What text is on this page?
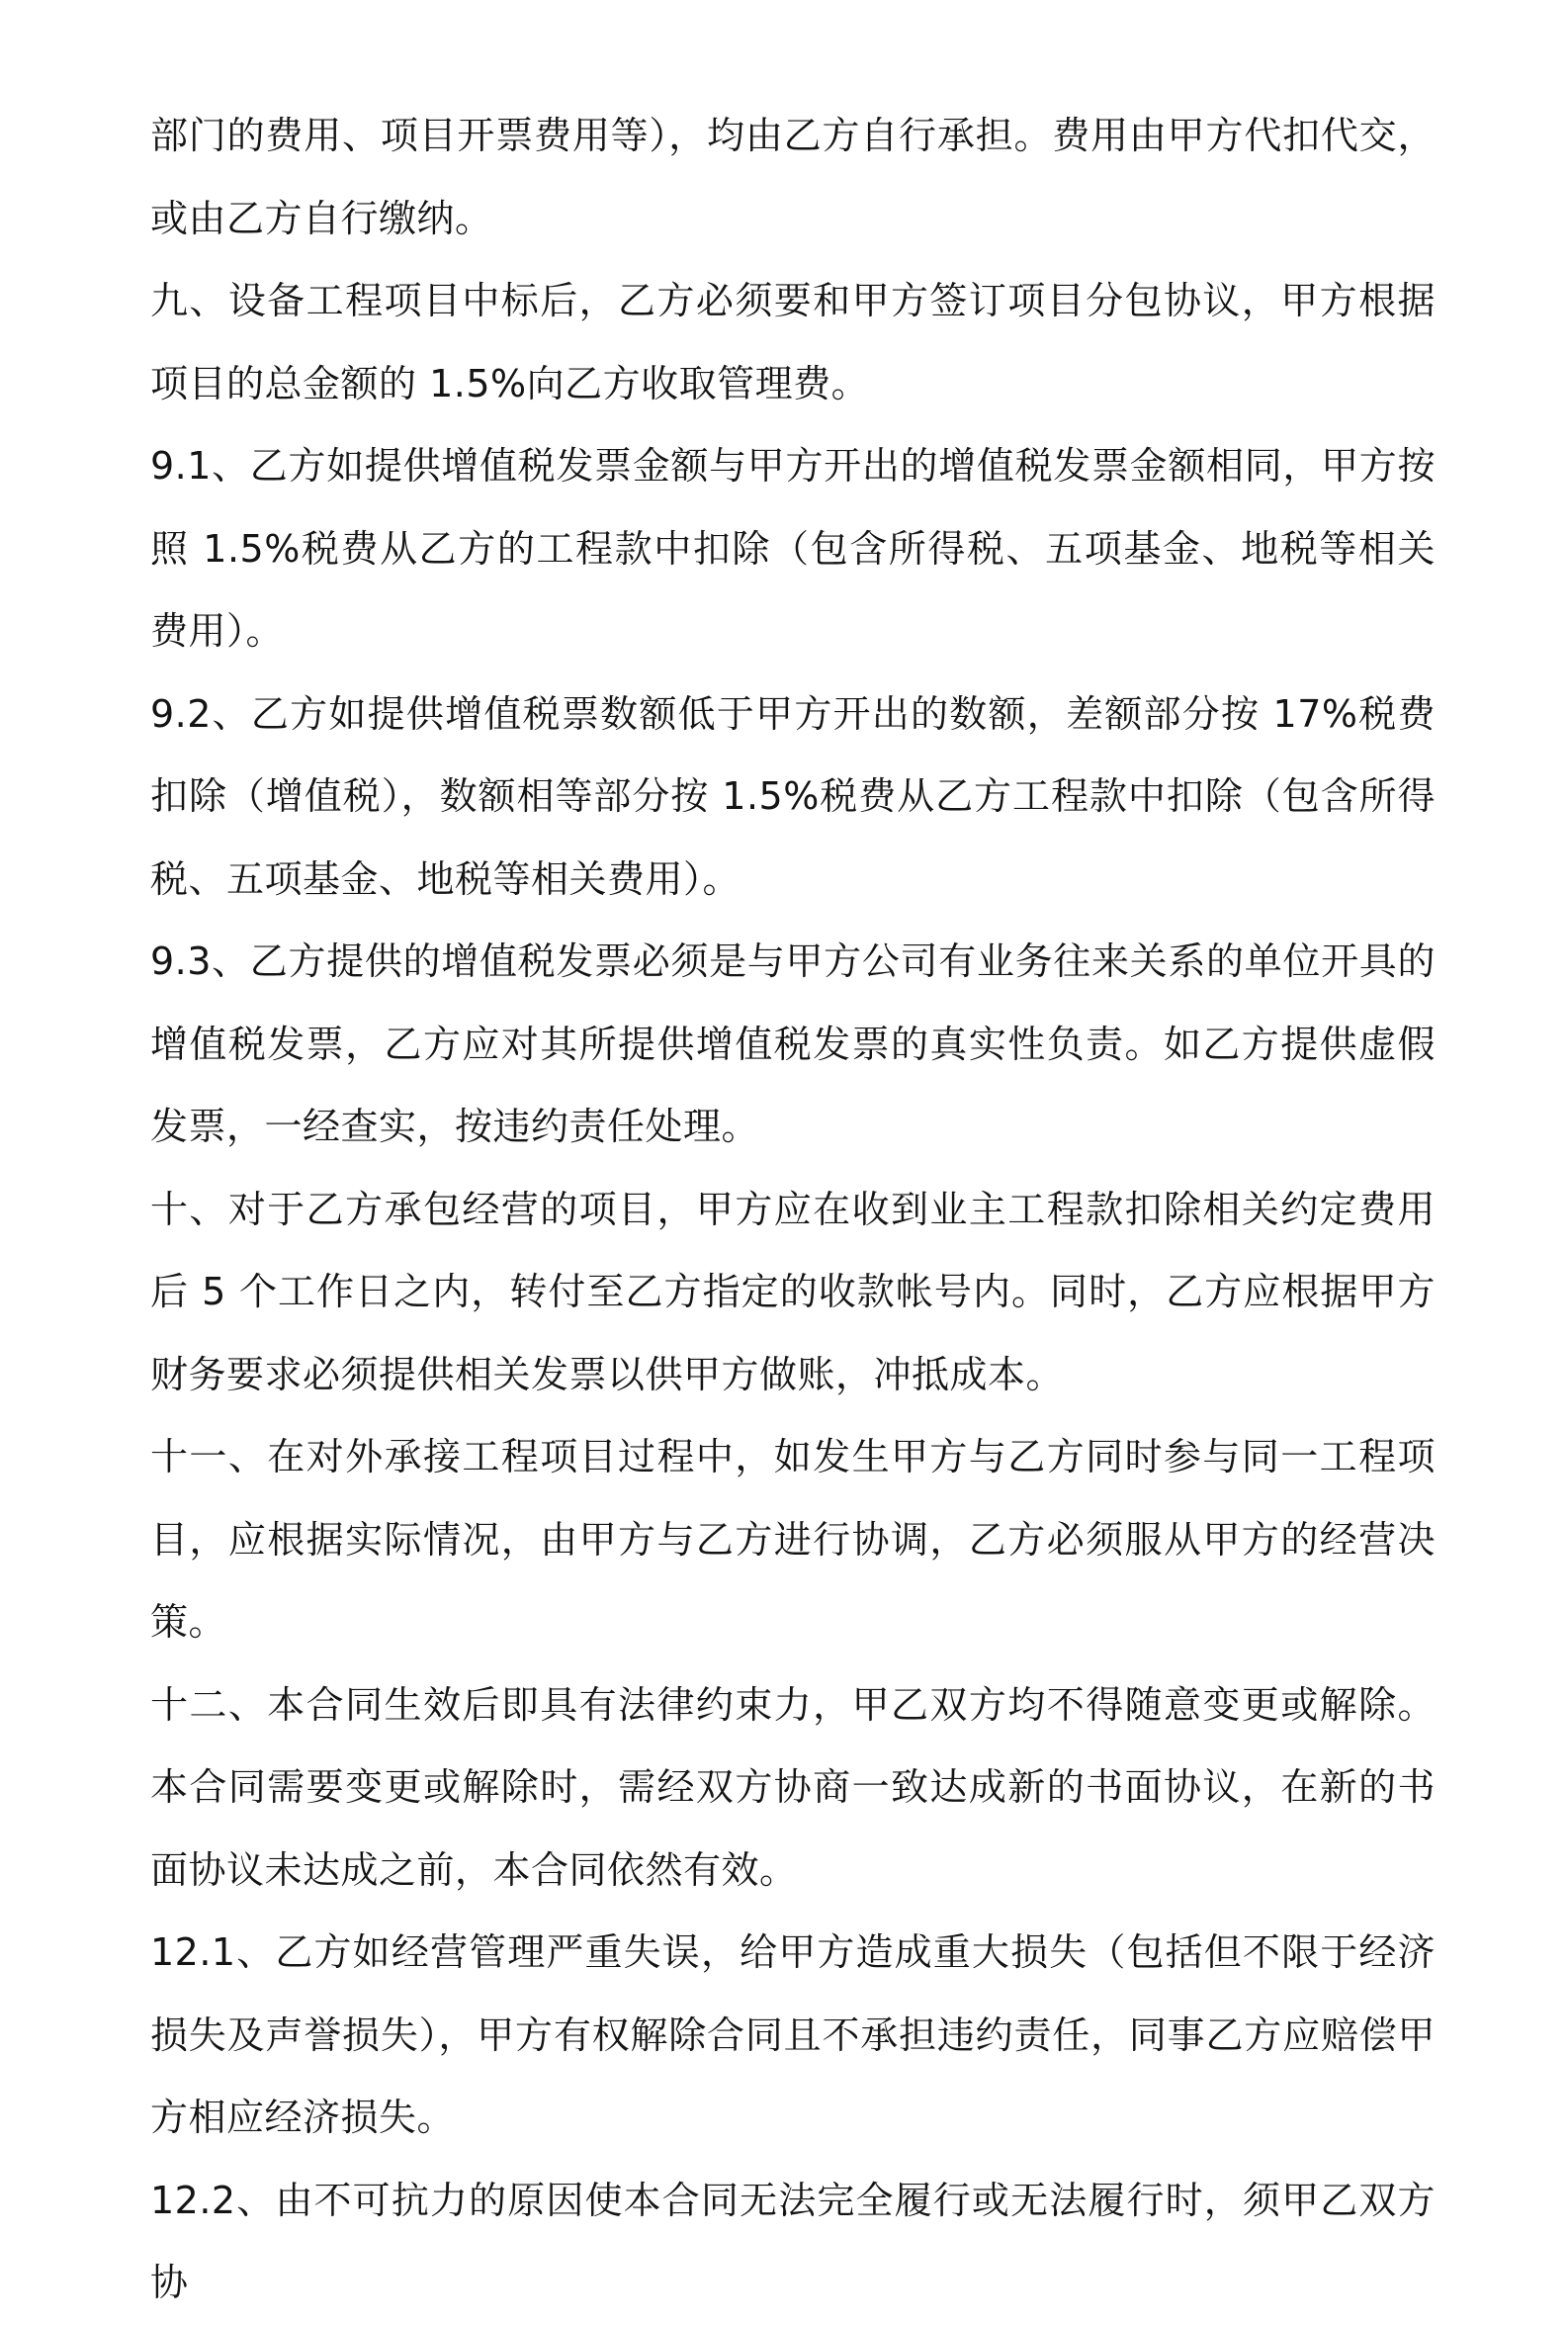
部门的费用、项目开票费用等），均由乙方自行承担。费用由甲方代扣代交，或由乙方自行缴纳。

九、设备工程项目中标后，乙方必须要和甲方签订项目分包协议，甲方根据项目的总金额的 1.5%向乙方收取管理费。

9.1、乙方如提供增值税发票金额与甲方开出的增值税发票金额相同，甲方按照 1.5%税费从乙方的工程款中扣除（包含所得税、五项基金、地税等相关费用）。

9.2、乙方如提供增值税票数额低于甲方开出的数额，差额部分按 17%税费扣除（增值税），数额相等部分按 1.5%税费从乙方工程款中扣除（包含所得税、五项基金、地税等相关费用）。

9.3、乙方提供的增值税发票必须是与甲方公司有业务往来关系的单位开具的增值税发票，乙方应对其所提供增值税发票的真实性负责。如乙方提供虚假发票，一经查实，按违约责任处理。

十、对于乙方承包经营的项目，甲方应在收到业主工程款扣除相关约定费用后 5 个工作日之内，转付至乙方指定的收款帐号内。同时，乙方应根据甲方财务要求必须提供相关发票以供甲方做账，冲抵成本。

十一、在对外承接工程项目过程中，如发生甲方与乙方同时参与同一工程项目，应根据实际情况，由甲方与乙方进行协调，乙方必须服从甲方的经营决策。

十二、本合同生效后即具有法律约束力，甲乙双方均不得随意变更或解除。本合同需要变更或解除时，需经双方协商一致达成新的书面协议，在新的书面协议未达成之前，本合同依然有效。

12.1、乙方如经营管理严重失误，给甲方造成重大损失（包括但不限于经济损失及声誉损失），甲方有权解除合同且不承担违约责任，同事乙方应赔偿甲方相应经济损失。

12.2、由不可抗力的原因使本合同无法完全履行或无法履行时，须甲乙双方协
